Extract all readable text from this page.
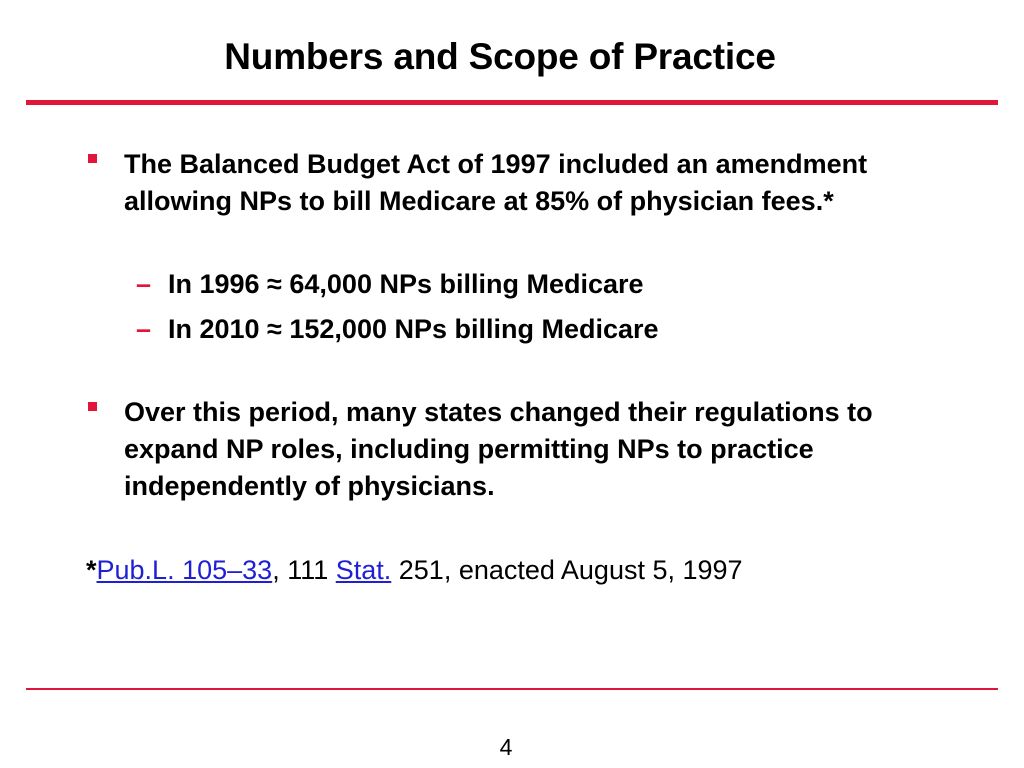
Numbers and Scope of Practice
The Balanced Budget Act of 1997 included an amendment allowing NPs to bill Medicare at 85% of physician fees.*
– In 1996 ≈ 64,000 NPs billing Medicare
– In 2010 ≈ 152,000 NPs billing Medicare
Over this period, many states changed their regulations to expand NP roles, including permitting NPs to practice independently of physicians.
*Pub.L. 105–33, 111 Stat. 251, enacted August 5, 1997
4
